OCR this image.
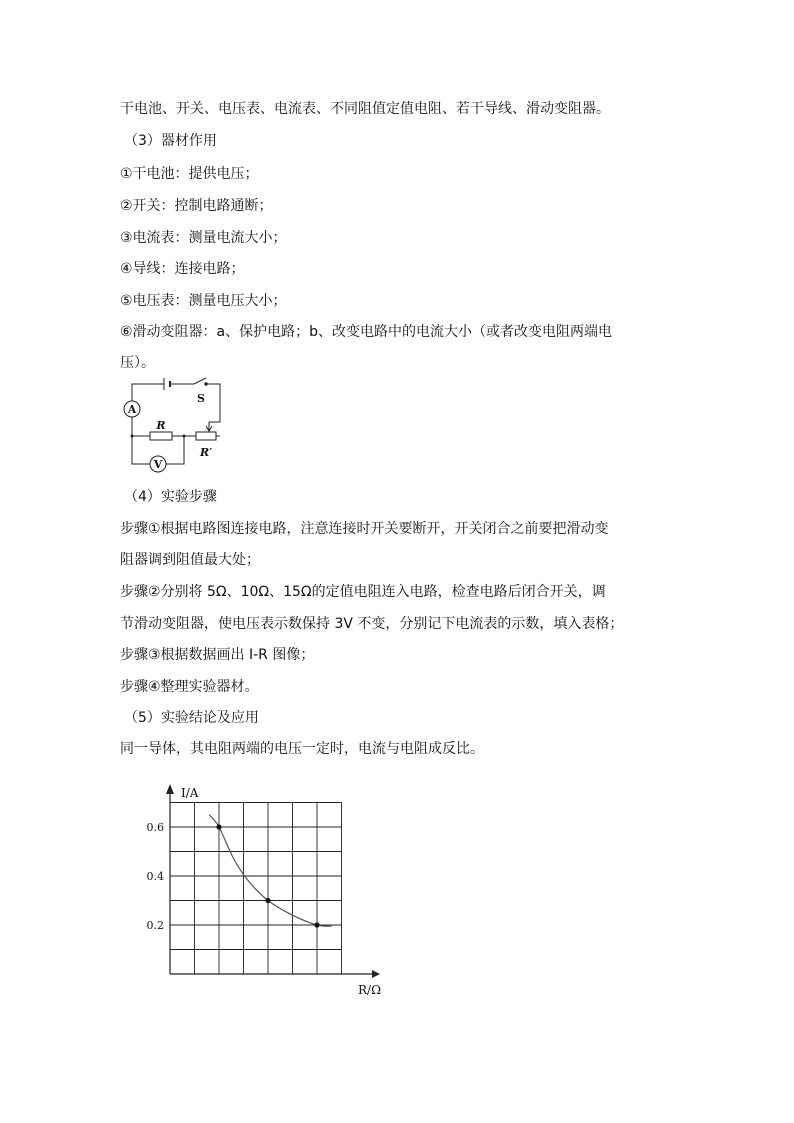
干电池、开关、电压表、电流表、不同阻值定值电阻、若干导线、滑动变阻器。
（3）器材作用
①干电池：提供电压；
②开关：控制电路通断；
③电流表：测量电流大小；
④导线：连接电路；
⑤电压表：测量电压大小；
⑥滑动变阻器：a、保护电路；b、改变电路中的电流大小（或者改变电阻两端电
压）。
A
V
S
R
R′
（4）实验步骤
步骤①根据电路图连接电路，注意连接时开关要断开，开关闭合之前要把滑动变
阻器调到阻值最大处；
步骤②分别将 5Ω、10Ω、15Ω的定值电阻连入电路，检查电路后闭合开关，调
节滑动变阻器，使电压表示数保持 3V 不变，分别记下电流表的示数，填入表格；
步骤③根据数据画出 I-R 图像；
步骤④整理实验器材。
（5）实验结论及应用
同一导体，其电阻两端的电压一定时，电流与电阻成反比。
I/A
R/Ω
0.6
0.4
0.2
